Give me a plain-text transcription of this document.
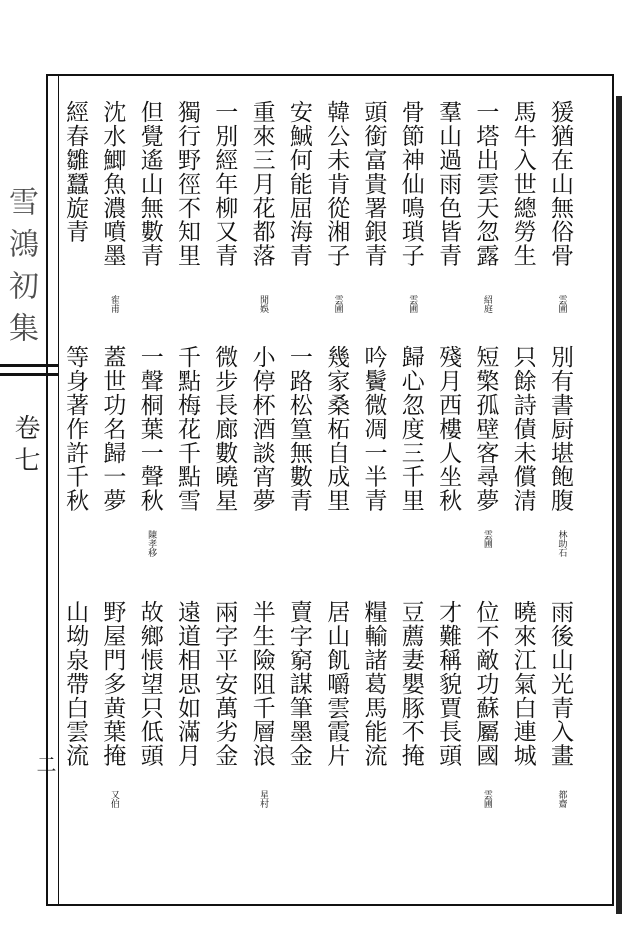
雪鴻初集
卷七
二
猨猶在山無俗骨
雲圃
馬牛入世總勞生
一塔出雲天忽露
紹庭
羣山過雨色皆青
骨節神仙鳴瑣子
雲圃
頭銜富貴署銀青
韓公未肯從湘子
雲圃
安鯎何能屈海青
重來三月花都落
閒娛
一別經年柳又青
獨行野徑不知里
但覺遙山無數青
沈水鯽魚濃噴墨
隺甫
經春雛蠶旋青
別有書厨堪飽腹
林助石
雨後山光青入畫
都齋
只餘詩債未償清
曉來江氣白連城
短檠孤壁客尋夢
雲圃
位不敵功蘇屬國
雲圃
殘月西樓人坐秋
才難稱貌賈長頭
歸心忽度三千里
豆薦妻嬰豚不掩
吟鬢微凋一半青
糧輸諸葛馬能流
幾家桑柘自成里
居山飢嚼雲霞片
一路松篁無數青
賣字窮謀筆墨金
小停杯酒談宵夢
半生險阻千層浪
星村
微步長廊數曉星
兩字平安萬劣金
千點梅花千點雪
遠道相思如滿月
一聲桐葉一聲秋
陳孝移
故鄉悵望只低頭
蓋世功名歸一夢
野屋門多黄葉掩
又伯
等身著作許千秋
山坳泉帶白雲流
